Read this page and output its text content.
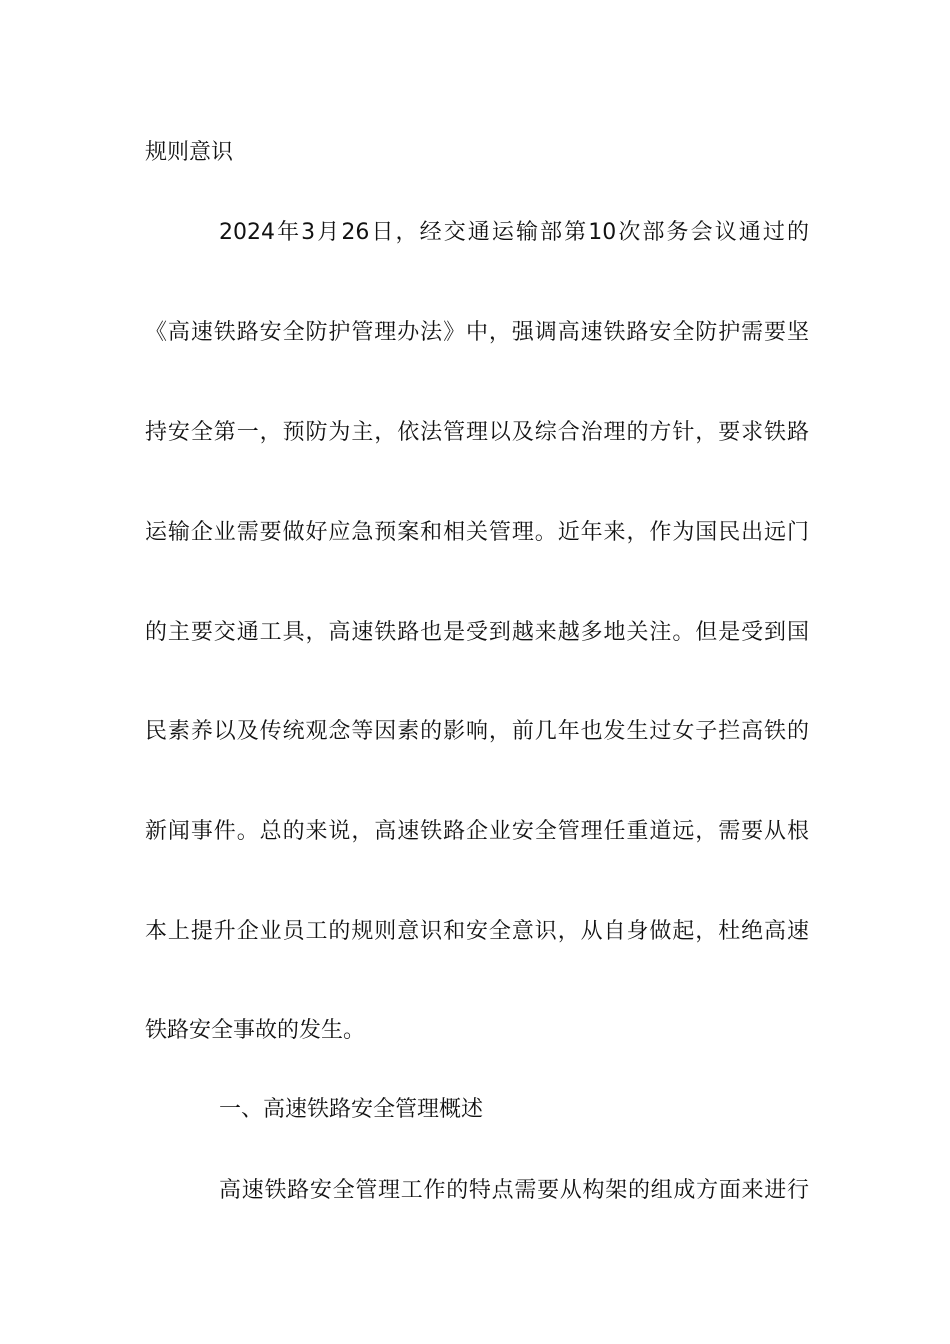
规则意识
2024年3月26日，经交通运输部第10次部务会议通过的
《高速铁路安全防护管理办法》中，强调高速铁路安全防护需要坚
持安全第一，预防为主，依法管理以及综合治理的方针，要求铁路
运输企业需要做好应急预案和相关管理。近年来，作为国民出远门
的主要交通工具，高速铁路也是受到越来越多地关注。但是受到国
民素养以及传统观念等因素的影响，前几年也发生过女子拦高铁的
新闻事件。总的来说，高速铁路企业安全管理任重道远，需要从根
本上提升企业员工的规则意识和安全意识，从自身做起，杜绝高速
铁路安全事故的发生。
一、高速铁路安全管理概述
高速铁路安全管理工作的特点需要从构架的组成方面来进行
